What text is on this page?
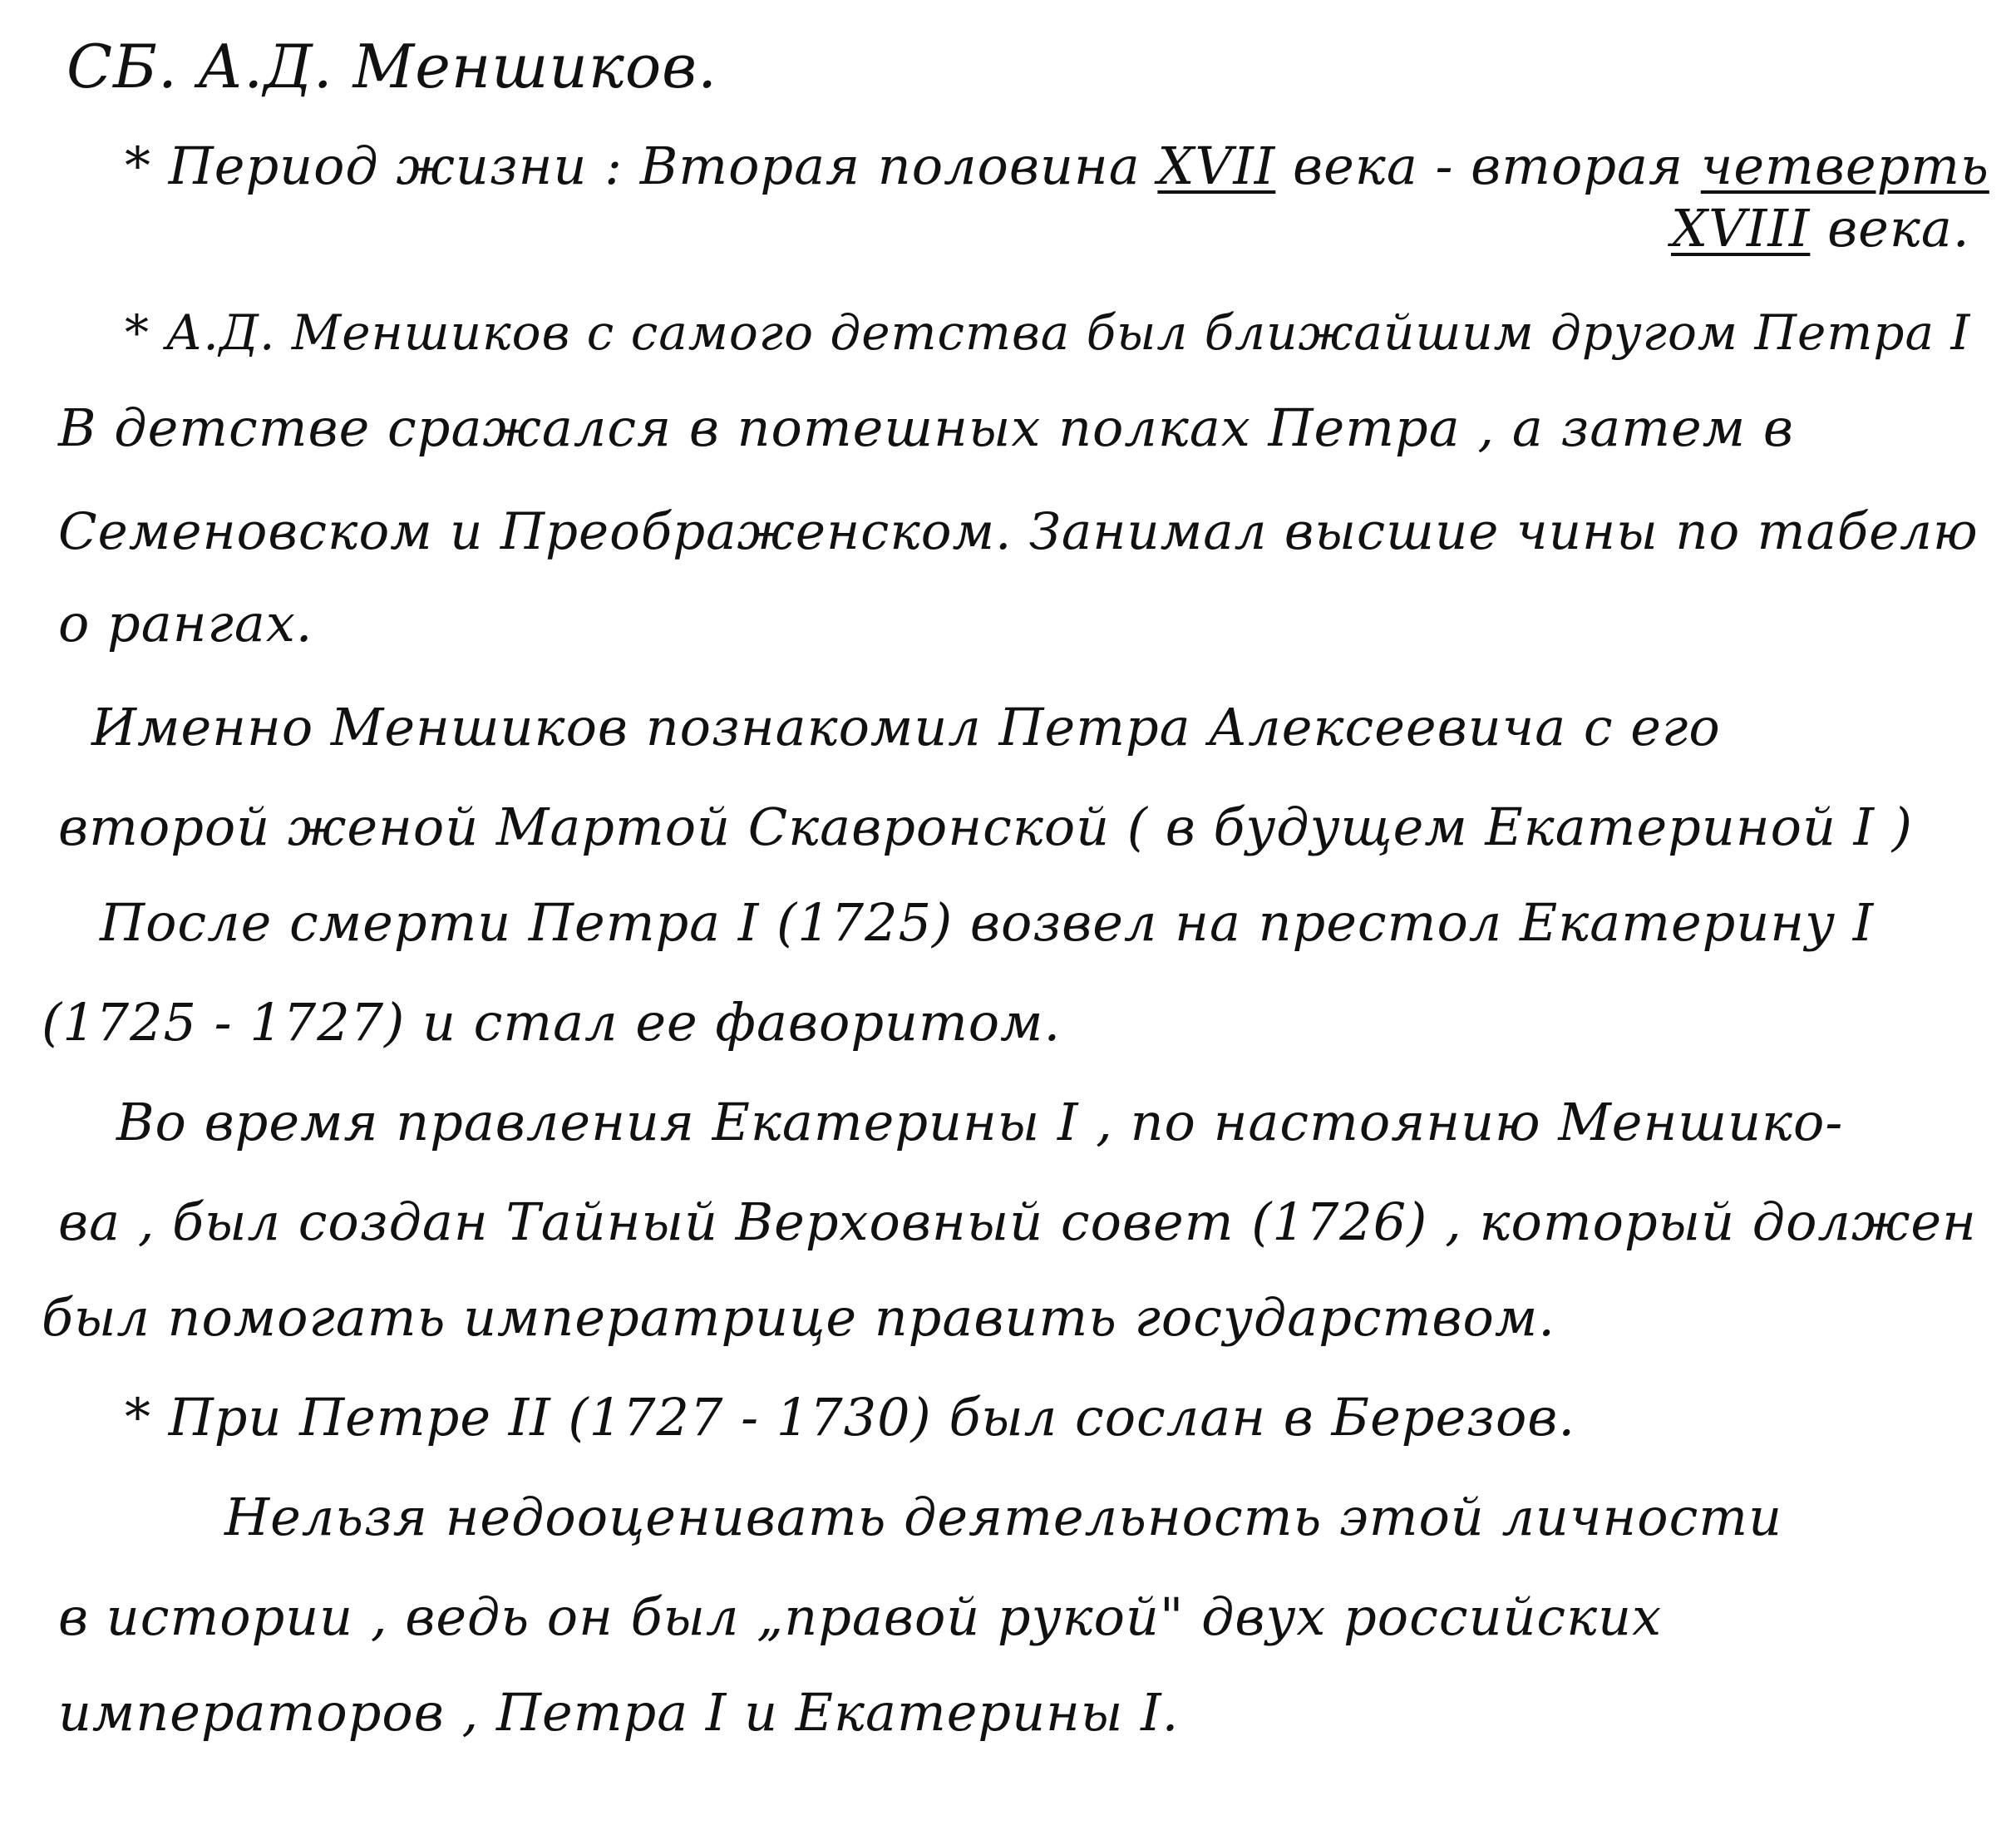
СБ. А.Д. Меншиков.
* Период жизни : Вторая половина XVII века - вторая четверть
XVIII века.
* А.Д. Меншиков с самого детства был ближайшим другом Петра I
В детстве сражался в потешных полках Петра , а затем в
Семеновском и Преображенском. Занимал высшие чины по табелю
о рангах.
Именно Меншиков познакомил Петра Алексеевича с его
второй женой Мартой Скавронской ( в будущем Екатериной I )
После смерти Петра I (1725) возвел на престол Екатерину I
(1725 - 1727) и стал ее фаворитом.
Во время правления Екатерины I , по настоянию Меншико-
ва , был создан Тайный Верховный совет (1726) , который должен
был помогать императрице править государством.
* При Петре II (1727 - 1730) был сослан в Березов.
Нельзя недооценивать деятельность этой личности
в истории , ведь он был „правой рукой" двух российских
императоров , Петра I и Екатерины I.
